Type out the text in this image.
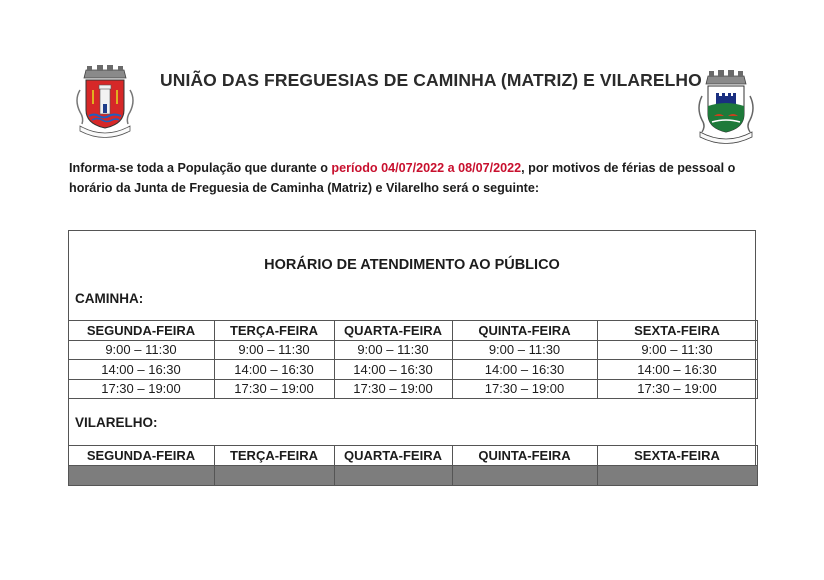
UNIÃO DAS FREGUESIAS DE CAMINHA (MATRIZ) E VILARELHO
Informa-se toda a População que durante o período 04/07/2022 a 08/07/2022, por motivos de férias de pessoal o horário da Junta de Freguesia de Caminha (Matriz) e Vilarelho será o seguinte:
HORÁRIO DE ATENDIMENTO AO PÚBLICO
CAMINHA:
SEGUNDA-FEIRA	TERÇA-FEIRA	QUARTA-FEIRA	QUINTA-FEIRA	SEXTA-FEIRA
9:00 – 11:30	9:00 – 11:30	9:00 – 11:30	9:00 – 11:30	9:00 – 11:30
14:00 – 16:30	14:00 – 16:30	14:00 – 16:30	14:00 – 16:30	14:00 – 16:30
17:30 – 19:00	17:30 – 19:00	17:30 – 19:00	17:30 – 19:00	17:30 – 19:00
VILARELHO:
SEGUNDA-FEIRA	TERÇA-FEIRA	QUARTA-FEIRA	QUINTA-FEIRA	SEXTA-FEIRA
